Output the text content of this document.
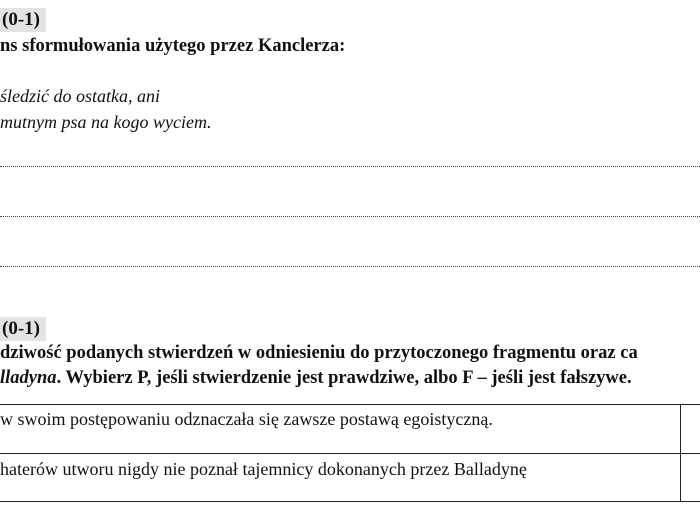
(0-1)
ns sformułowania użytego przez Kanclerza:
śledzić do ostatka, ani
mutnym psa na kogo wyciem.
(0-1)
dziwość podanych stwierdzeń w odniesieniu do przytoczonego fragmentu oraz ca
lladyna. Wybierz P, jeśli stwierdzenie jest prawdziwe, albo F – jeśli jest fałszywe.
w swoim postępowaniu odznaczała się zawsze postawą egoistyczną.
haterów utworu nigdy nie poznał tajemnicy dokonanych przez Balladynę
